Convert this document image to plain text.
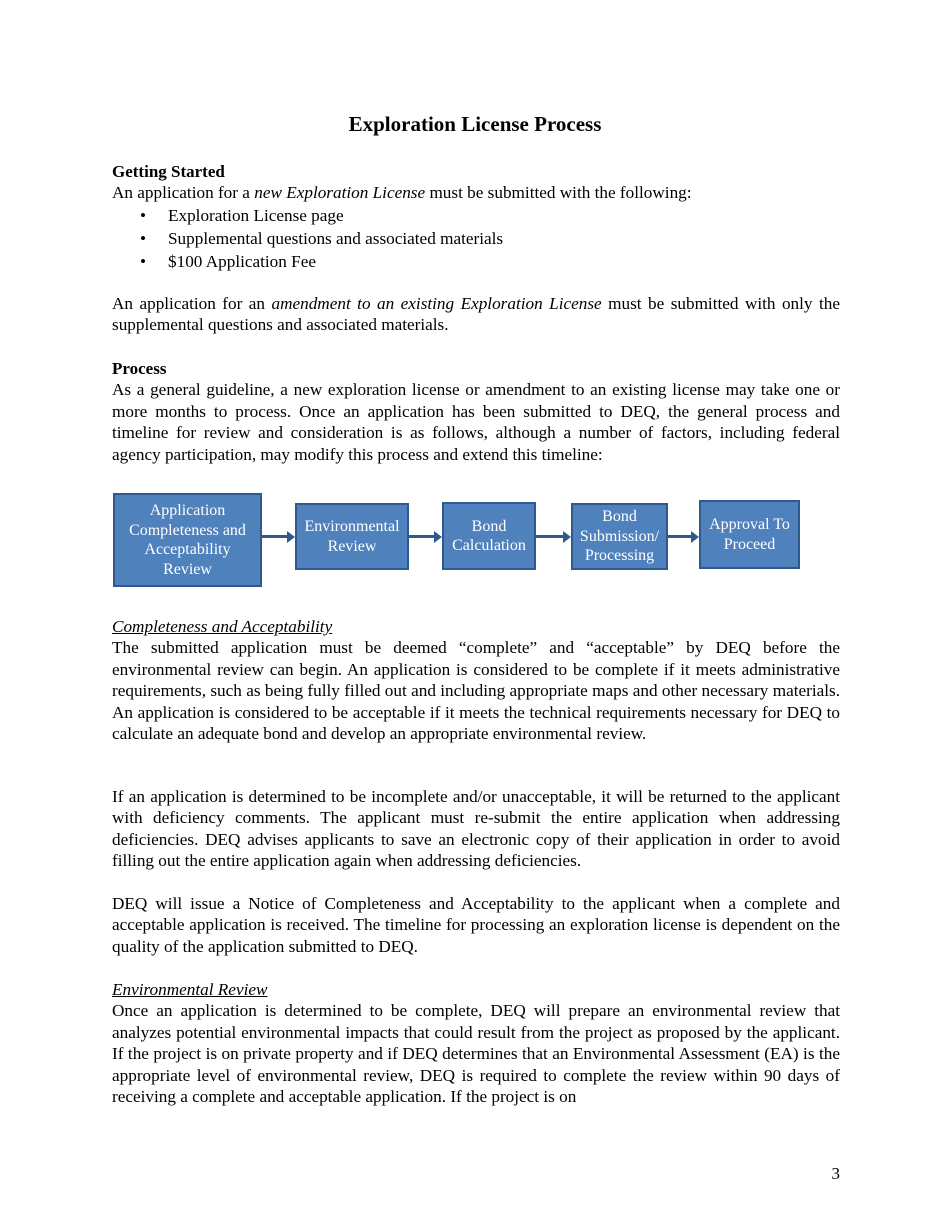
Exploration License Process
Getting Started

An application for a new Exploration License must be submitted with the following:

• Exploration License page
• Supplemental questions and associated materials
• $100 Application Fee

An application for an amendment to an existing Exploration License must be submitted with only the supplemental questions and associated materials.

Process

As a general guideline, a new exploration license or amendment to an existing license may take one or more months to process. Once an application has been submitted to DEQ, the general process and timeline for review and consideration is as follows, although a number of factors, including federal agency participation, may modify this process and extend this timeline:

Application
Completeness and
Acceptability
Review
Environmental
Review
Bond
Calculation
Bond
Submission/
Processing
Approval To
Proceed
Completeness and Acceptability

The submitted application must be deemed “complete” and “acceptable” by DEQ before the environmental review can begin. An application is considered to be complete if it meets administrative requirements, such as being fully filled out and including appropriate maps and other necessary materials. An application is considered to be acceptable if it meets the technical requirements necessary for DEQ to calculate an adequate bond and develop an appropriate environmental review.

If an application is determined to be incomplete and/or unacceptable, it will be returned to the applicant with deficiency comments. The applicant must re-submit the entire application when addressing deficiencies. DEQ advises applicants to save an electronic copy of their application in order to avoid filling out the entire application again when addressing deficiencies.

DEQ will issue a Notice of Completeness and Acceptability to the applicant when a complete and acceptable application is received. The timeline for processing an exploration license is dependent on the quality of the application submitted to DEQ.

Environmental Review

Once an application is determined to be complete, DEQ will prepare an environmental review that analyzes potential environmental impacts that could result from the project as proposed by the applicant. If the project is on private property and if DEQ determines that an Environmental Assessment (EA) is the appropriate level of environmental review, DEQ is required to complete the review within 90 days of receiving a complete and acceptable application. If the project is on

3
